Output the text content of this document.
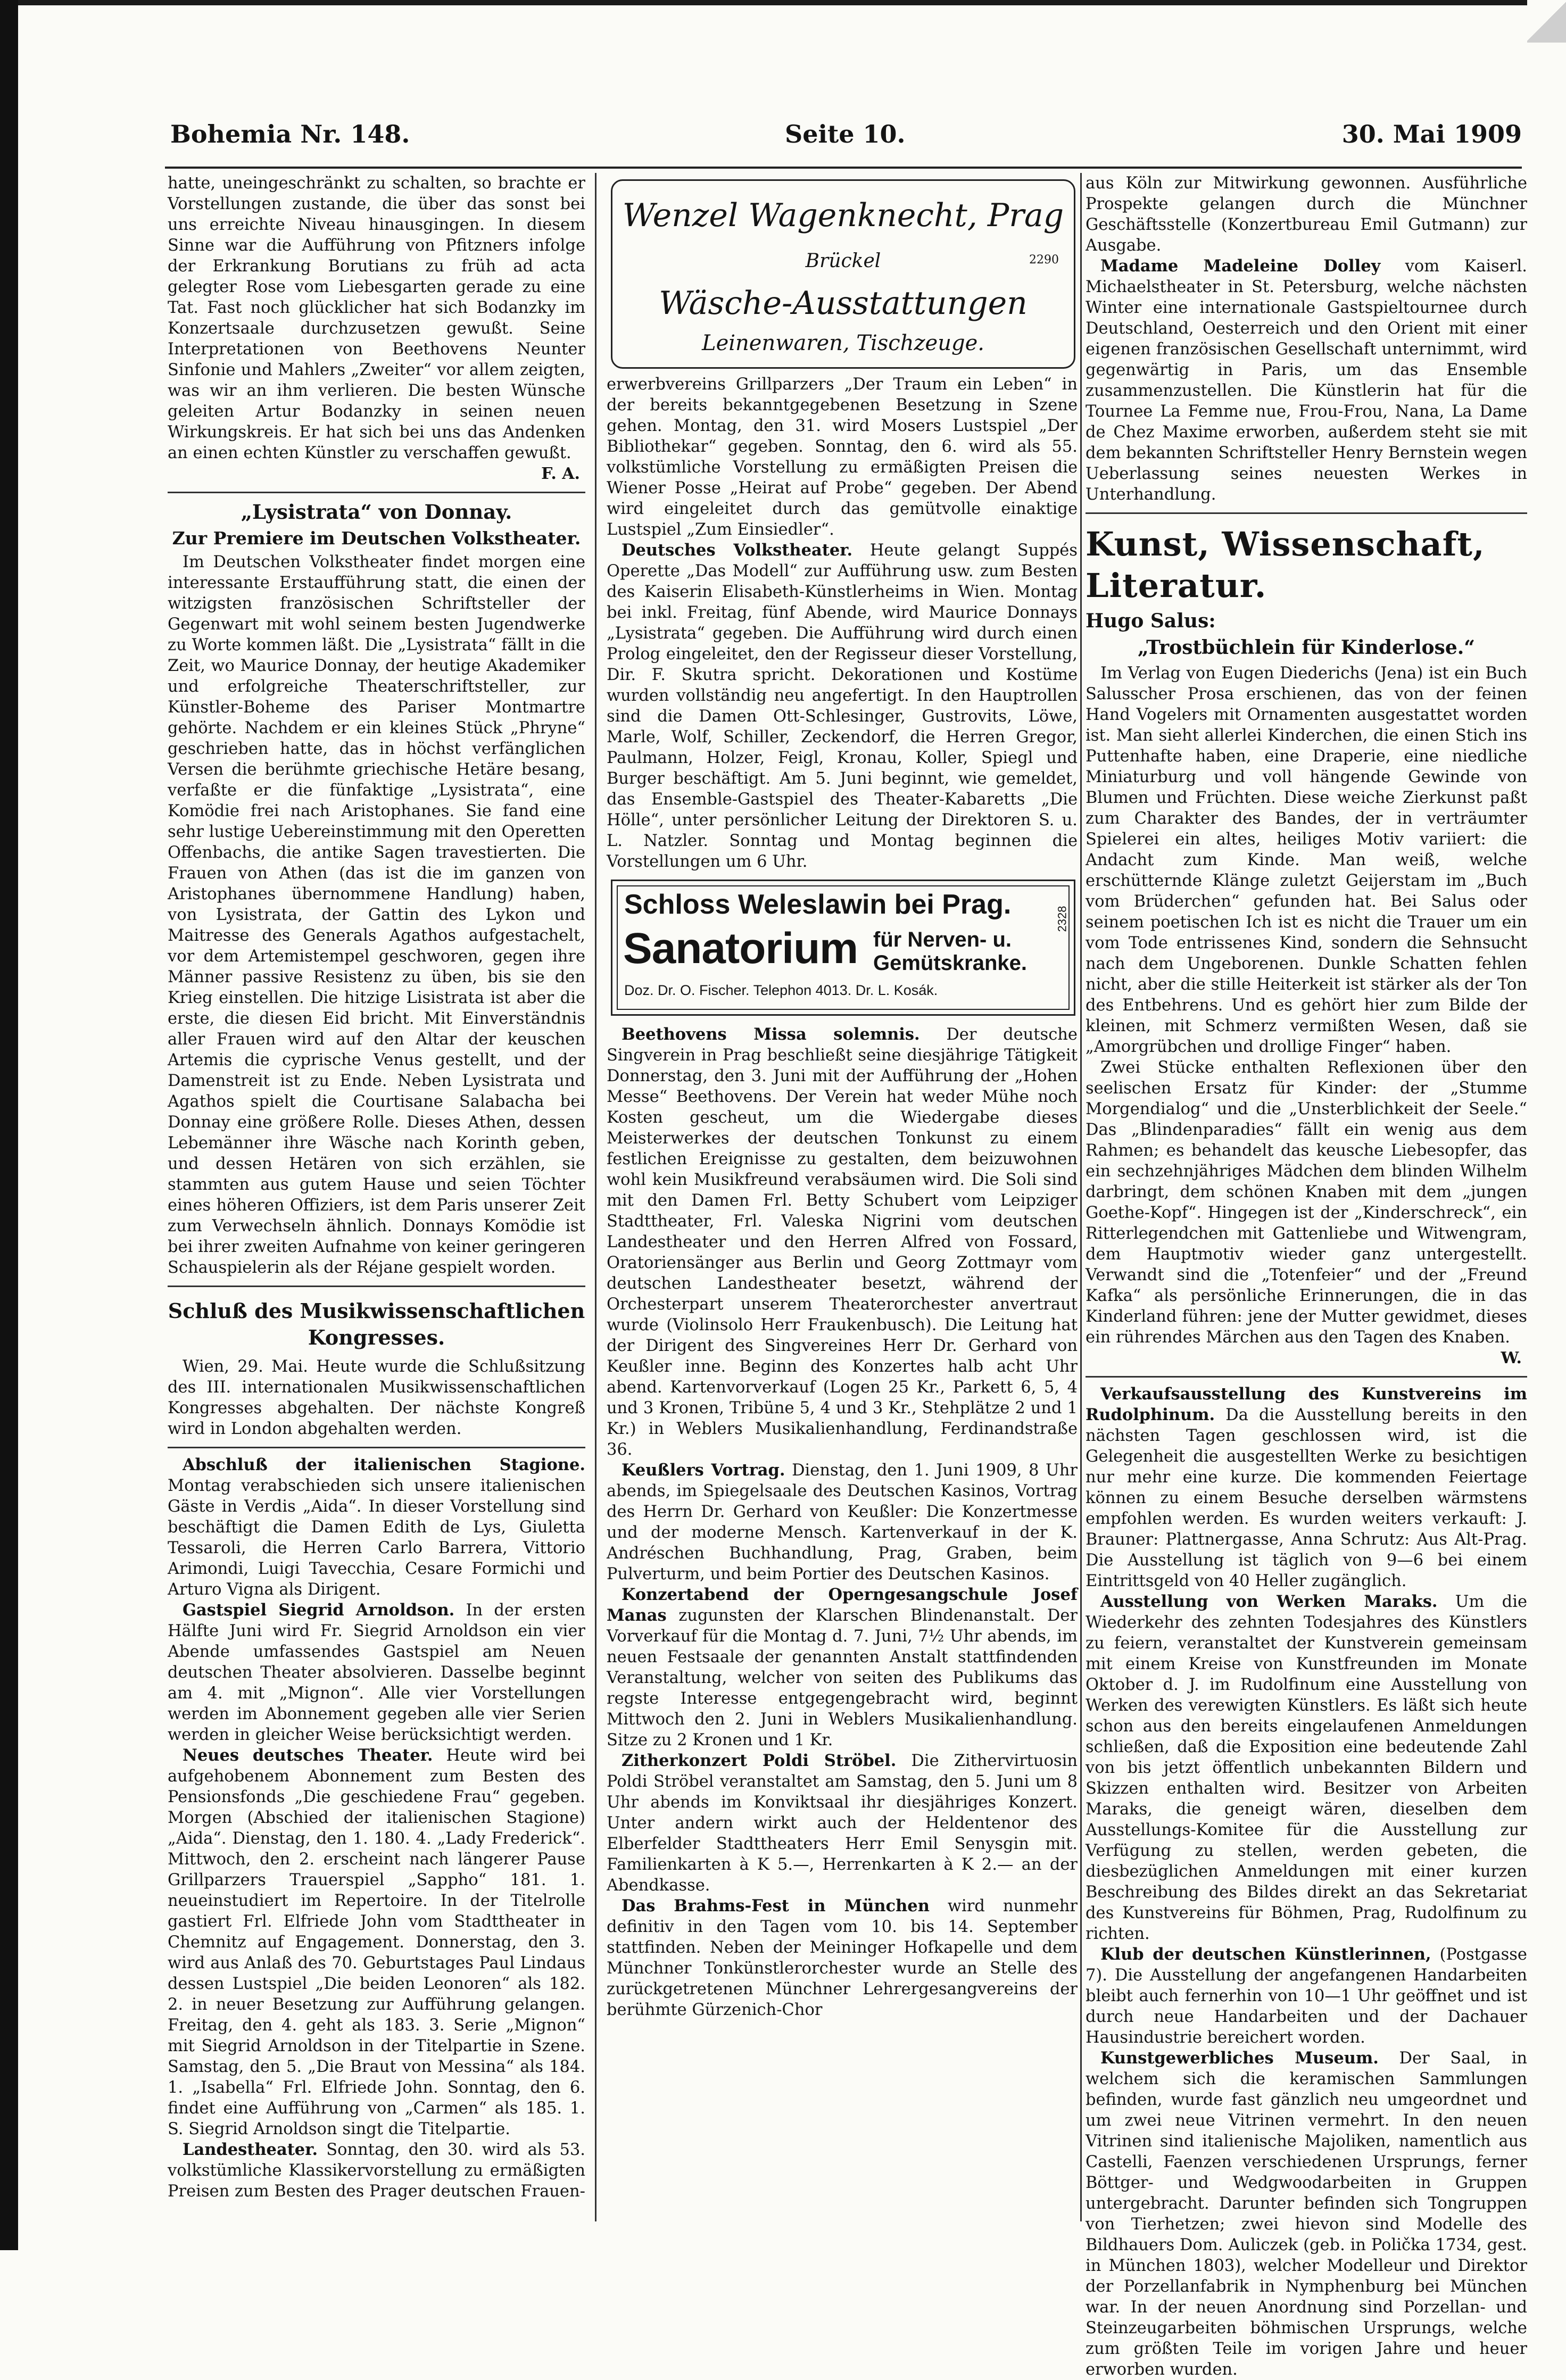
Bohemia Nr. 148.	Seite 10.	30. Mai 1909

hatte, uneingeschränkt zu schalten, so brachte er Vorstellungen zustande, die über das sonst bei uns erreichte Niveau hinausgingen. In diesem Sinne war die Aufführung von Pfitzners infolge der Erkrankung Borutians zu früh ad acta gelegter Rose vom Liebesgarten gerade zu eine Tat. Fast noch glücklicher hat sich Bodanzky im Konzertsaale durchzusetzen gewußt. Seine Interpretationen von Beethovens Neunter Sinfonie und Mahlers „Zweiter“ vor allem zeigten, was wir an ihm verlieren. Die besten Wünsche geleiten Artur Bodanzky in seinen neuen Wirkungskreis. Er hat sich bei uns das Andenken an einen echten Künstler zu verschaffen gewußt.

F. A.

„Lysistrata“ von Donnay.
Zur Premiere im Deutschen Volkstheater.

Im Deutschen Volkstheater findet morgen eine interessante Erstaufführung statt, die einen der witzigsten französischen Schriftsteller der Gegenwart mit wohl seinem besten Jugendwerke zu Worte kommen läßt. Die „Lysistrata“ fällt in die Zeit, wo Maurice Donnay, der heutige Akademiker und erfolgreiche Theaterschriftsteller, zur Künstler-Boheme des Pariser Montmartre gehörte. Nachdem er ein kleines Stück „Phryne“ geschrieben hatte, das in höchst verfänglichen Versen die berühmte griechische Hetäre besang, verfaßte er die fünfaktige „Lysistrata“, eine Komödie frei nach Aristophanes. Sie fand eine sehr lustige Uebereinstimmung mit den Operetten Offenbachs, die antike Sagen travestierten. Die Frauen von Athen (das ist die im ganzen von Aristophanes übernommene Handlung) haben, von Lysistrata, der Gattin des Lykon und Maitresse des Generals Agathos aufgestachelt, vor dem Artemistempel geschworen, gegen ihre Männer passive Resistenz zu üben, bis sie den Krieg einstellen. Die hitzige Lisistrata ist aber die erste, die diesen Eid bricht. Mit Einverständnis aller Frauen wird auf den Altar der keuschen Artemis die cyprische Venus gestellt, und der Damenstreit ist zu Ende. Neben Lysistrata und Agathos spielt die Courtisane Salabacha bei Donnay eine größere Rolle. Dieses Athen, dessen Lebemänner ihre Wäsche nach Korinth geben, und dessen Hetären von sich erzählen, sie stammten aus gutem Hause und seien Töchter eines höheren Offiziers, ist dem Paris unserer Zeit zum Verwechseln ähnlich. Donnays Komödie ist bei ihrer zweiten Aufnahme von keiner geringeren Schauspielerin als der Réjane gespielt worden.

Schluß des Musikwissenschaftlichen Kongresses.

Wien, 29. Mai. Heute wurde die Schlußsitzung des III. internationalen Musikwissenschaftlichen Kongresses abgehalten. Der nächste Kongreß wird in London abgehalten werden.

Abschluß der italienischen Stagione. Montag verabschieden sich unsere italienischen Gäste in Verdis „Aida“. In dieser Vorstellung sind beschäftigt die Damen Edith de Lys, Giuletta Tessaroli, die Herren Carlo Barrera, Vittorio Arimondi, Luigi Tavecchia, Cesare Formichi und Arturo Vigna als Dirigent.

Gastspiel Siegrid Arnoldson. In der ersten Hälfte Juni wird Fr. Siegrid Arnoldson ein vier Abende umfassendes Gastspiel am Neuen deutschen Theater absolvieren. Dasselbe beginnt am 4. mit „Mignon“. Alle vier Vorstellungen werden im Abonnement gegeben alle vier Serien werden in gleicher Weise berücksichtigt werden.

Neues deutsches Theater. Heute wird bei aufgehobenem Abonnement zum Besten des Pensionsfonds „Die geschiedene Frau“ gegeben. Morgen (Abschied der italienischen Stagione) „Aida“. Dienstag, den 1. 180. 4. „Lady Frederick“. Mittwoch, den 2. erscheint nach längerer Pause Grillparzers Trauerspiel „Sappho“ 181. 1. neueinstudiert im Repertoire. In der Titelrolle gastiert Frl. Elfriede John vom Stadttheater in Chemnitz auf Engagement. Donnerstag, den 3. wird aus Anlaß des 70. Geburtstages Paul Lindaus dessen Lustspiel „Die beiden Leonoren“ als 182. 2. in neuer Besetzung zur Aufführung gelangen. Freitag, den 4. geht als 183. 3. Serie „Mignon“ mit Siegrid Arnoldson in der Titelpartie in Szene. Samstag, den 5. „Die Braut von Messina“ als 184. 1. „Isabella“ Frl. Elfriede John. Sonntag, den 6. findet eine Aufführung von „Carmen“ als 185. 1. S. Siegrid Arnoldson singt die Titelpartie.

Landestheater. Sonntag, den 30. wird als 53. volkstümliche Klassikervorstellung zu ermäßigten Preisen zum Besten des Prager deutschen Frauen-

Wenzel Wagenknecht, Prag
Brückel	2290
Wäsche-Ausstattungen
Leinenwaren, Tischzeuge.

erwerbvereins Grillparzers „Der Traum ein Leben“ in der bereits bekanntgegebenen Besetzung in Szene gehen. Montag, den 31. wird Mosers Lustspiel „Der Bibliothekar“ gegeben. Sonntag, den 6. wird als 55. volkstümliche Vorstellung zu ermäßigten Preisen die Wiener Posse „Heirat auf Probe“ gegeben. Der Abend wird eingeleitet durch das gemütvolle einaktige Lustspiel „Zum Einsiedler“.

Deutsches Volkstheater. Heute gelangt Suppés Operette „Das Modell“ zur Aufführung usw. zum Besten des Kaiserin Elisabeth-Künstlerheims in Wien. Montag bei inkl. Freitag, fünf Abende, wird Maurice Donnays „Lysistrata“ gegeben. Die Aufführung wird durch einen Prolog eingeleitet, den der Regisseur dieser Vorstellung, Dir. F. Skutra spricht. Dekorationen und Kostüme wurden vollständig neu angefertigt. In den Hauptrollen sind die Damen Ott-Schlesinger, Gustrovits, Löwe, Marle, Wolf, Schiller, Zeckendorf, die Herren Gregor, Paulmann, Holzer, Feigl, Kronau, Koller, Spiegl und Burger beschäftigt. Am 5. Juni beginnt, wie gemeldet, das Ensemble-Gastspiel des Theater-Kabaretts „Die Hölle“, unter persönlicher Leitung der Direktoren S. u. L. Natzler. Sonntag und Montag beginnen die Vorstellungen um 6 Uhr.

Schloss Weleslawin bei Prag.	2328
Sanatorium für Nerven- u.
Gemütskranke.
Doz. Dr. O. Fischer. Telephon 4013. Dr. L. Kosák.

Beethovens Missa solemnis. Der deutsche Singverein in Prag beschließt seine diesjährige Tätigkeit Donnerstag, den 3. Juni mit der Aufführung der „Hohen Messe“ Beethovens. Der Verein hat weder Mühe noch Kosten gescheut, um die Wiedergabe dieses Meisterwerkes der deutschen Tonkunst zu einem festlichen Ereignisse zu gestalten, dem beizuwohnen wohl kein Musikfreund verabsäumen wird. Die Soli sind mit den Damen Frl. Betty Schubert vom Leipziger Stadttheater, Frl. Valeska Nigrini vom deutschen Landestheater und den Herren Alfred von Fossard, Oratoriensänger aus Berlin und Georg Zottmayr vom deutschen Landestheater besetzt, während der Orchesterpart unserem Theaterorchester anvertraut wurde (Violinsolo Herr Fraukenbusch). Die Leitung hat der Dirigent des Singvereines Herr Dr. Gerhard von Keußler inne. Beginn des Konzertes halb acht Uhr abend. Kartenvorverkauf (Logen 25 Kr., Parkett 6, 5, 4 und 3 Kronen, Tribüne 5, 4 und 3 Kr., Stehplätze 2 und 1 Kr.) in Weblers Musikalienhandlung, Ferdinandstraße 36.

Keußlers Vortrag. Dienstag, den 1. Juni 1909, 8 Uhr abends, im Spiegelsaale des Deutschen Kasinos, Vortrag des Herrn Dr. Gerhard von Keußler: Die Konzertmesse und der moderne Mensch. Kartenverkauf in der K. Andréschen Buchhandlung, Prag, Graben, beim Pulverturm, und beim Portier des Deutschen Kasinos.

Konzertabend der Operngesangschule Josef Manas zugunsten der Klarschen Blindenanstalt. Der Vorverkauf für die Montag d. 7. Juni, 7½ Uhr abends, im neuen Festsaale der genannten Anstalt stattfindenden Veranstaltung, welcher von seiten des Publikums das regste Interesse entgegengebracht wird, beginnt Mittwoch den 2. Juni in Weblers Musikalienhandlung. Sitze zu 2 Kronen und 1 Kr.

Zitherkonzert Poldi Ströbel. Die Zithervirtuosin Poldi Ströbel veranstaltet am Samstag, den 5. Juni um 8 Uhr abends im Konviktsaal ihr diesjähriges Konzert. Unter andern wirkt auch der Heldentenor des Elberfelder Stadttheaters Herr Emil Senysgin mit. Familienkarten à K 5.—, Herrenkarten à K 2.— an der Abendkasse.

Das Brahms-Fest in München wird nunmehr definitiv in den Tagen vom 10. bis 14. September stattfinden. Neben der Meininger Hofkapelle und dem Münchner Tonkünstlerorchester wurde an Stelle des zurückgetretenen Münchner Lehrergesangvereins der berühmte Gürzenich-Chor

aus Köln zur Mitwirkung gewonnen. Ausführliche Prospekte gelangen durch die Münchner Geschäftsstelle (Konzertbureau Emil Gutmann) zur Ausgabe.

Madame Madeleine Dolley vom Kaiserl. Michaelstheater in St. Petersburg, welche nächsten Winter eine internationale Gastspieltournee durch Deutschland, Oesterreich und den Orient mit einer eigenen französischen Gesellschaft unternimmt, wird gegenwärtig in Paris, um das Ensemble zusammenzustellen. Die Künstlerin hat für die Tournee La Femme nue, Frou-Frou, Nana, La Dame de Chez Maxime erworben, außerdem steht sie mit dem bekannten Schriftsteller Henry Bernstein wegen Ueberlassung seines neuesten Werkes in Unterhandlung.

Kunst, Wissenschaft, Literatur.
Hugo Salus:
„Trostbüchlein für Kinderlose.“

Im Verlag von Eugen Diederichs (Jena) ist ein Buch Salusscher Prosa erschienen, das von der feinen Hand Vogelers mit Ornamenten ausgestattet worden ist. Man sieht allerlei Kinderchen, die einen Stich ins Puttenhafte haben, eine Draperie, eine niedliche Miniaturburg und voll hängende Gewinde von Blumen und Früchten. Diese weiche Zierkunst paßt zum Charakter des Bandes, der in verträumter Spielerei ein altes, heiliges Motiv variiert: die Andacht zum Kinde. Man weiß, welche erschütternde Klänge zuletzt Geijerstam im „Buch vom Brüderchen“ gefunden hat. Bei Salus oder seinem poetischen Ich ist es nicht die Trauer um ein vom Tode entrissenes Kind, sondern die Sehnsucht nach dem Ungeborenen. Dunkle Schatten fehlen nicht, aber die stille Heiterkeit ist stärker als der Ton des Entbehrens. Und es gehört hier zum Bilde der kleinen, mit Schmerz vermißten Wesen, daß sie „Amorgrübchen und drollige Finger“ haben.

Zwei Stücke enthalten Reflexionen über den seelischen Ersatz für Kinder: der „Stumme Morgendialog“ und die „Unsterblichkeit der Seele.“ Das „Blindenparadies“ fällt ein wenig aus dem Rahmen; es behandelt das keusche Liebesopfer, das ein sechzehnjähriges Mädchen dem blinden Wilhelm darbringt, dem schönen Knaben mit dem „jungen Goethe-Kopf“. Hingegen ist der „Kinderschreck“, ein Ritterlegendchen mit Gattenliebe und Witwengram, dem Hauptmotiv wieder ganz untergestellt. Verwandt sind die „Totenfeier“ und der „Freund Kafka“ als persönliche Erinnerungen, die in das Kinderland führen: jene der Mutter gewidmet, dieses ein rührendes Märchen aus den Tagen des Knaben.

W.

Verkaufsausstellung des Kunstvereins im Rudolphinum. Da die Ausstellung bereits in den nächsten Tagen geschlossen wird, ist die Gelegenheit die ausgestellten Werke zu besichtigen nur mehr eine kurze. Die kommenden Feiertage können zu einem Besuche derselben wärmstens empfohlen werden. Es wurden weiters verkauft: J. Brauner: Plattnergasse, Anna Schrutz: Aus Alt-Prag. Die Ausstellung ist täglich von 9—6 bei einem Eintrittsgeld von 40 Heller zugänglich.

Ausstellung von Werken Maraks. Um die Wiederkehr des zehnten Todesjahres des Künstlers zu feiern, veranstaltet der Kunstverein gemeinsam mit einem Kreise von Kunstfreunden im Monate Oktober d. J. im Rudolfinum eine Ausstellung von Werken des verewigten Künstlers. Es läßt sich heute schon aus den bereits eingelaufenen Anmeldungen schließen, daß die Exposition eine bedeutende Zahl von bis jetzt öffentlich unbekannten Bildern und Skizzen enthalten wird. Besitzer von Arbeiten Maraks, die geneigt wären, dieselben dem Ausstellungs-Komitee für die Ausstellung zur Verfügung zu stellen, werden gebeten, die diesbezüglichen Anmeldungen mit einer kurzen Beschreibung des Bildes direkt an das Sekretariat des Kunstvereins für Böhmen, Prag, Rudolfinum zu richten.

Klub der deutschen Künstlerinnen, (Postgasse 7). Die Ausstellung der angefangenen Handarbeiten bleibt auch fernerhin von 10—1 Uhr geöffnet und ist durch neue Handarbeiten und der Dachauer Hausindustrie bereichert worden.

Kunstgewerbliches Museum. Der Saal, in welchem sich die keramischen Sammlungen befinden, wurde fast gänzlich neu umgeordnet und um zwei neue Vitrinen vermehrt. In den neuen Vitrinen sind italienische Majoliken, namentlich aus Castelli, Faenzen verschiedenen Ursprungs, ferner Böttger- und Wedgwoodarbeiten in Gruppen untergebracht. Darunter befinden sich Tongruppen von Tierhetzen; zwei hievon sind Modelle des Bildhauers Dom. Auliczek (geb. in Polička 1734, gest. in München 1803), welcher Modelleur und Direktor der Porzellanfabrik in Nymphenburg bei München war. In der neuen Anordnung sind Porzellan- und Steinzeugarbeiten böhmischen Ursprungs, welche zum größten Teile im vorigen Jahre und heuer erworben wurden.
